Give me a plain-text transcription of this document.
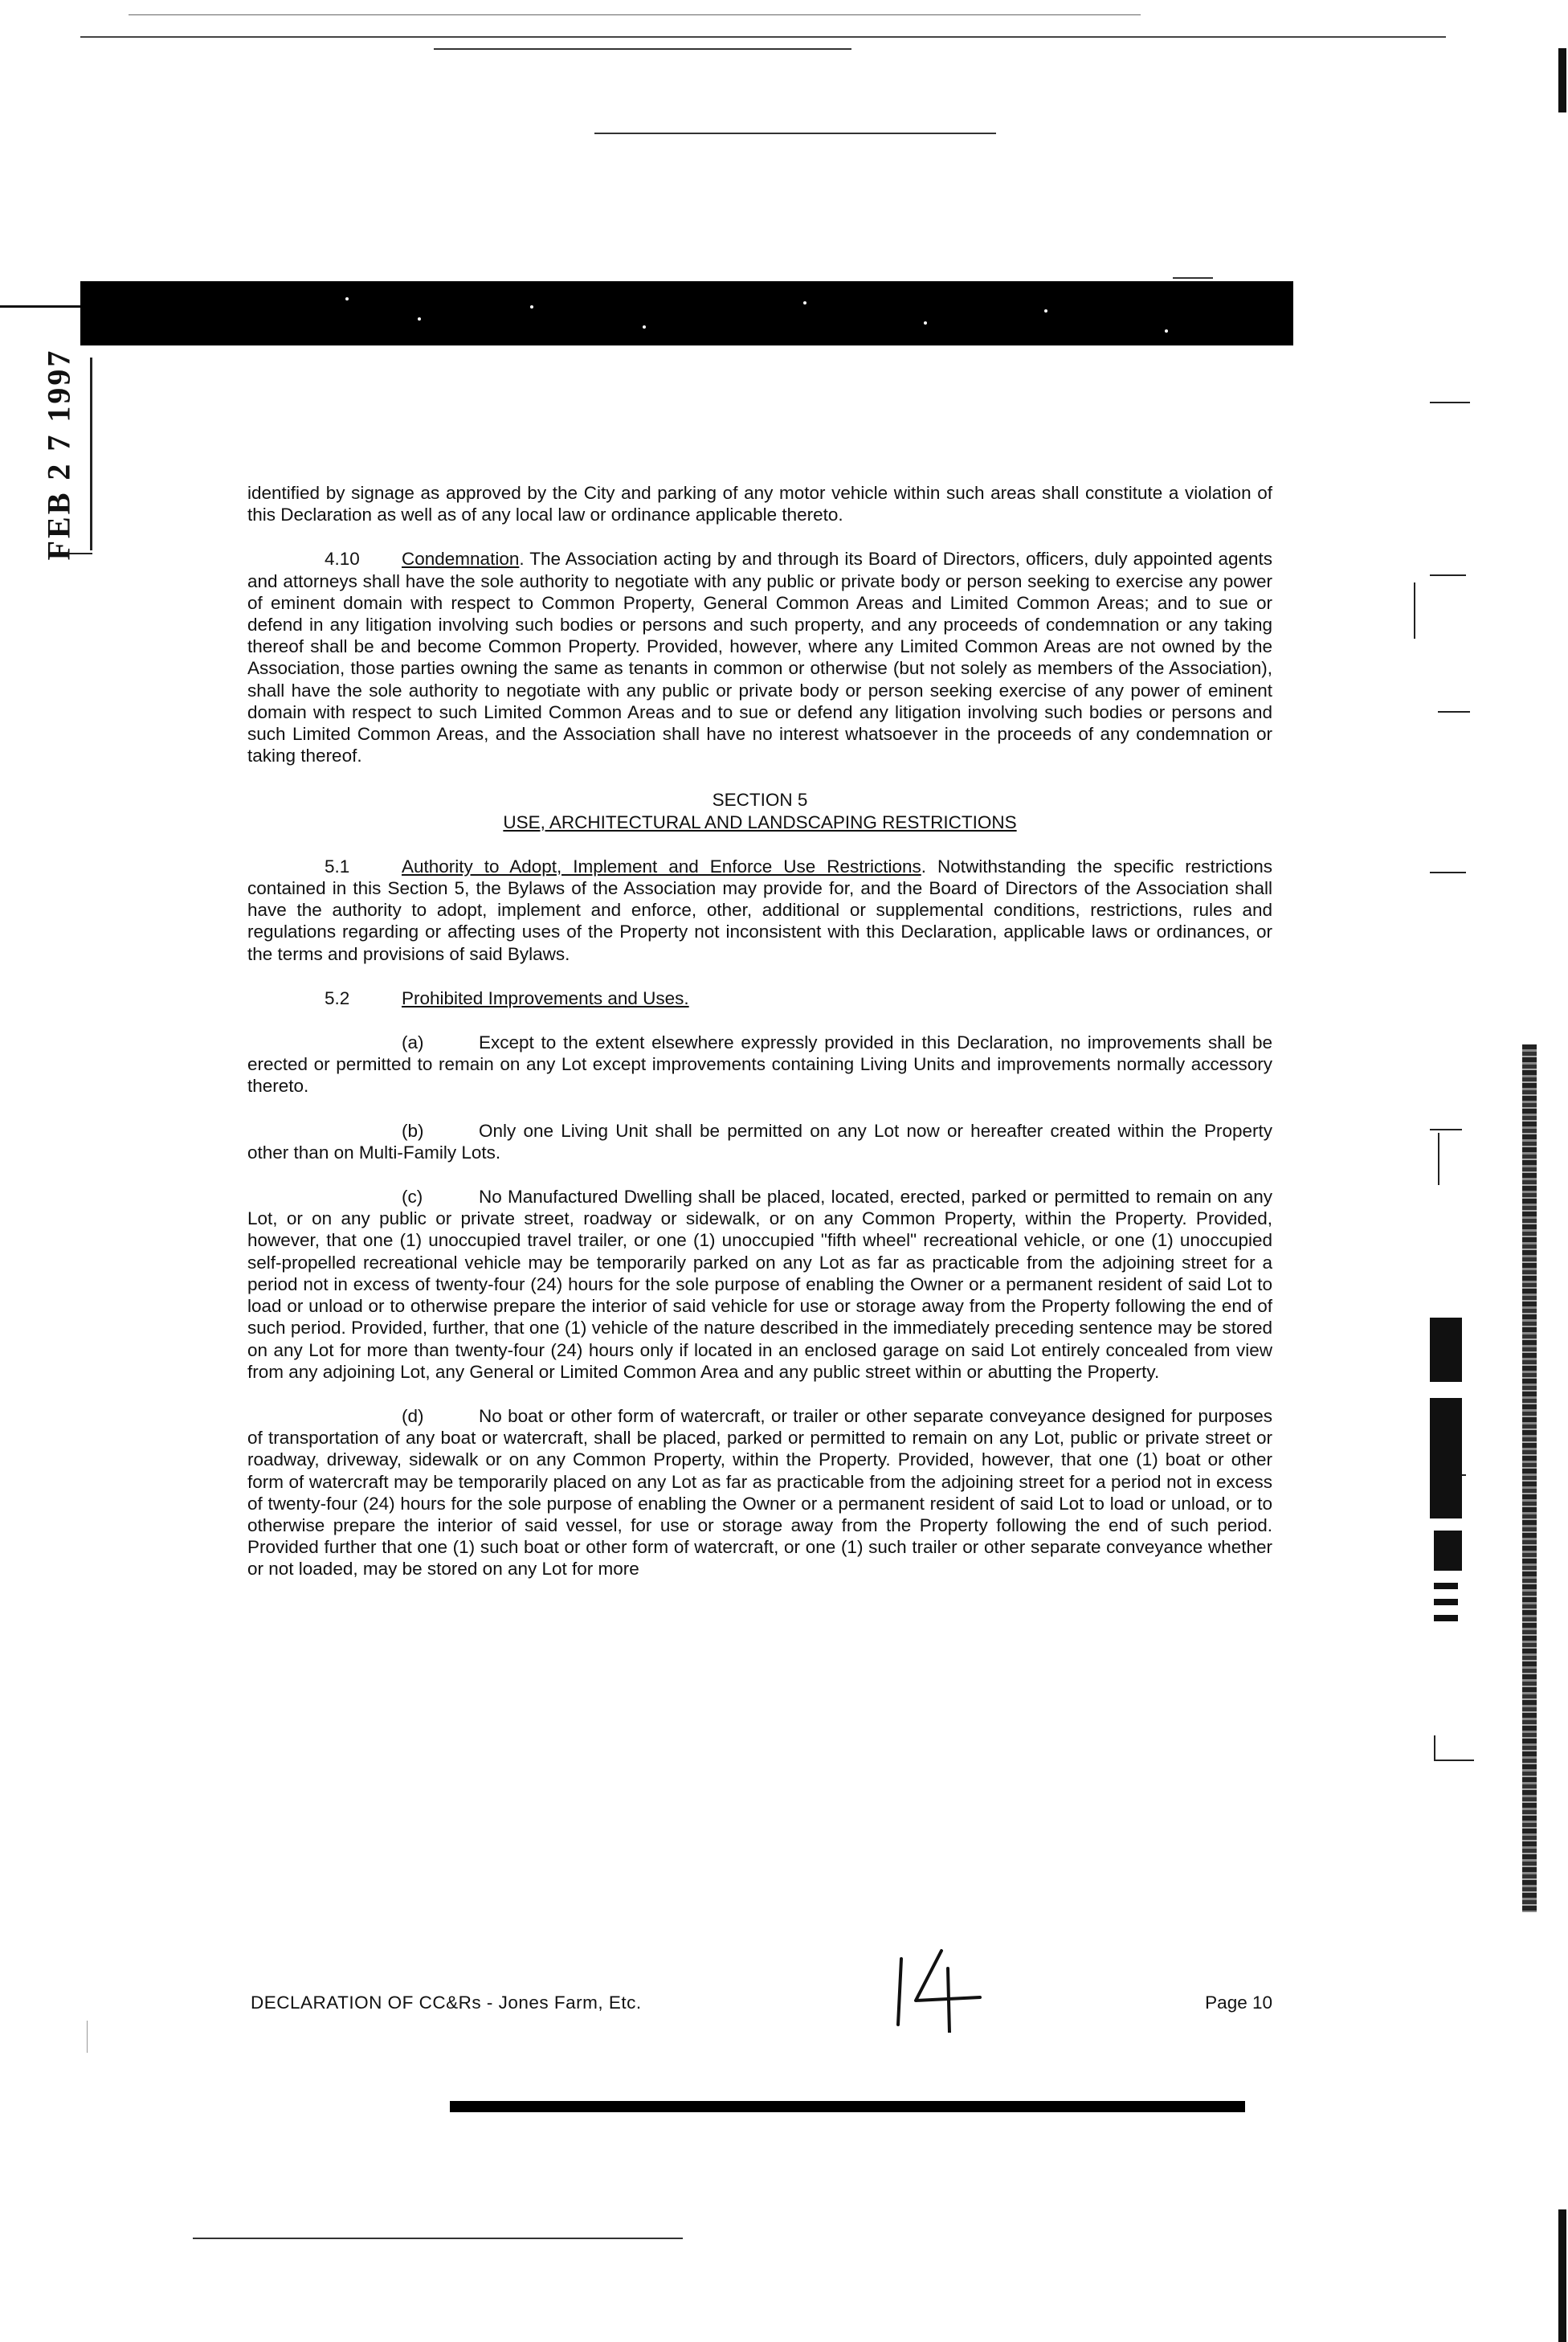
FEB 2 7 1997	identified by signage as approved by the City and parking of any motor vehicle within such areas shall constitute a violation of this Declaration as well as of any local law or ordinance applicable thereto.

4.10 Condemnation. The Association acting by and through its Board of Directors, officers, duly appointed agents and attorneys shall have the sole authority to negotiate with any public or private body or person seeking to exercise any power of eminent domain with respect to Common Property, General Common Areas and Limited Common Areas; and to sue or defend in any litigation involving such bodies or persons and such property, and any proceeds of condemnation or any taking thereof shall be and become Common Property. Provided, however, where any Limited Common Areas are not owned by the Association, those parties owning the same as tenants in common or otherwise (but not solely as members of the Association), shall have the sole authority to negotiate with any public or private body or person seeking exercise of any power of eminent domain with respect to such Limited Common Areas and to sue or defend any litigation involving such bodies or persons and such Limited Common Areas, and the Association shall have no interest whatsoever in the proceeds of any condemnation or taking thereof.

SECTION 5

USE, ARCHITECTURAL AND LANDSCAPING RESTRICTIONS

5.1	Authority to Adopt, Implement and Enforce Use Restrictions. Notwithstanding the specific restrictions contained in this Section 5, the Bylaws of the Association may provide for, and the Board of Directors of the Association shall have the authority to adopt, implement and enforce, other, additional or supplemental conditions, restrictions, rules and regulations regarding or affecting uses of the Property not inconsistent with this Declaration, applicable laws or ordinances, or the terms and provisions of said Bylaws.

5.2	Prohibited Improvements and Uses.

(a)	Except to the extent elsewhere expressly provided in this Declaration, no improvements shall be erected or permitted to remain on any Lot except improvements containing Living Units and improvements normally accessory thereto.

(b)	Only one Living Unit shall be permitted on any Lot now or hereafter created within the Property other than on Multi-Family Lots.

(c)	No Manufactured Dwelling shall be placed, located, erected, parked or permitted to remain on any Lot, or on any public or private street, roadway or sidewalk, or on any Common Property, within the Property. Provided, however, that one (1) unoccupied travel trailer, or one (1) unoccupied "fifth wheel" recreational vehicle, or one (1) unoccupied self-propelled recreational vehicle may be temporarily parked on any Lot as far as practicable from the adjoining street for a period not in excess of twenty-four (24) hours for the sole purpose of enabling the Owner or a permanent resident of said Lot to load or unload or to otherwise prepare the interior of said vehicle for use or storage away from the Property following the end of such period. Provided, further, that one (1) vehicle of the nature described in the immediately preceding sentence may be stored on any Lot for more than twenty-four (24) hours only if located in an enclosed garage on said Lot entirely concealed from view from any adjoining Lot, any General or Limited Common Area and any public street within or abutting the Property.

(d)	No boat or other form of watercraft, or trailer or other separate conveyance designed for purposes of transportation of any boat or watercraft, shall be placed, parked or permitted to remain on any Lot, public or private street or roadway, driveway, sidewalk or on any Common Property, within the Property. Provided, however, that one (1) boat or other form of watercraft may be temporarily placed on any Lot as far as practicable from the adjoining street for a period not in excess of twenty-four (24) hours for the sole purpose of enabling the Owner or a permanent resident of said Lot to load or unload, or to otherwise prepare the interior of said vessel, for use or storage away from the Property following the end of such period. Provided further that one (1) such boat or other form of watercraft, or one (1) such trailer or other separate conveyance whether or not loaded, may be stored on any Lot for more

DECLARATION OF CC&Rs - Jones Farm, Etc.	Page 10
